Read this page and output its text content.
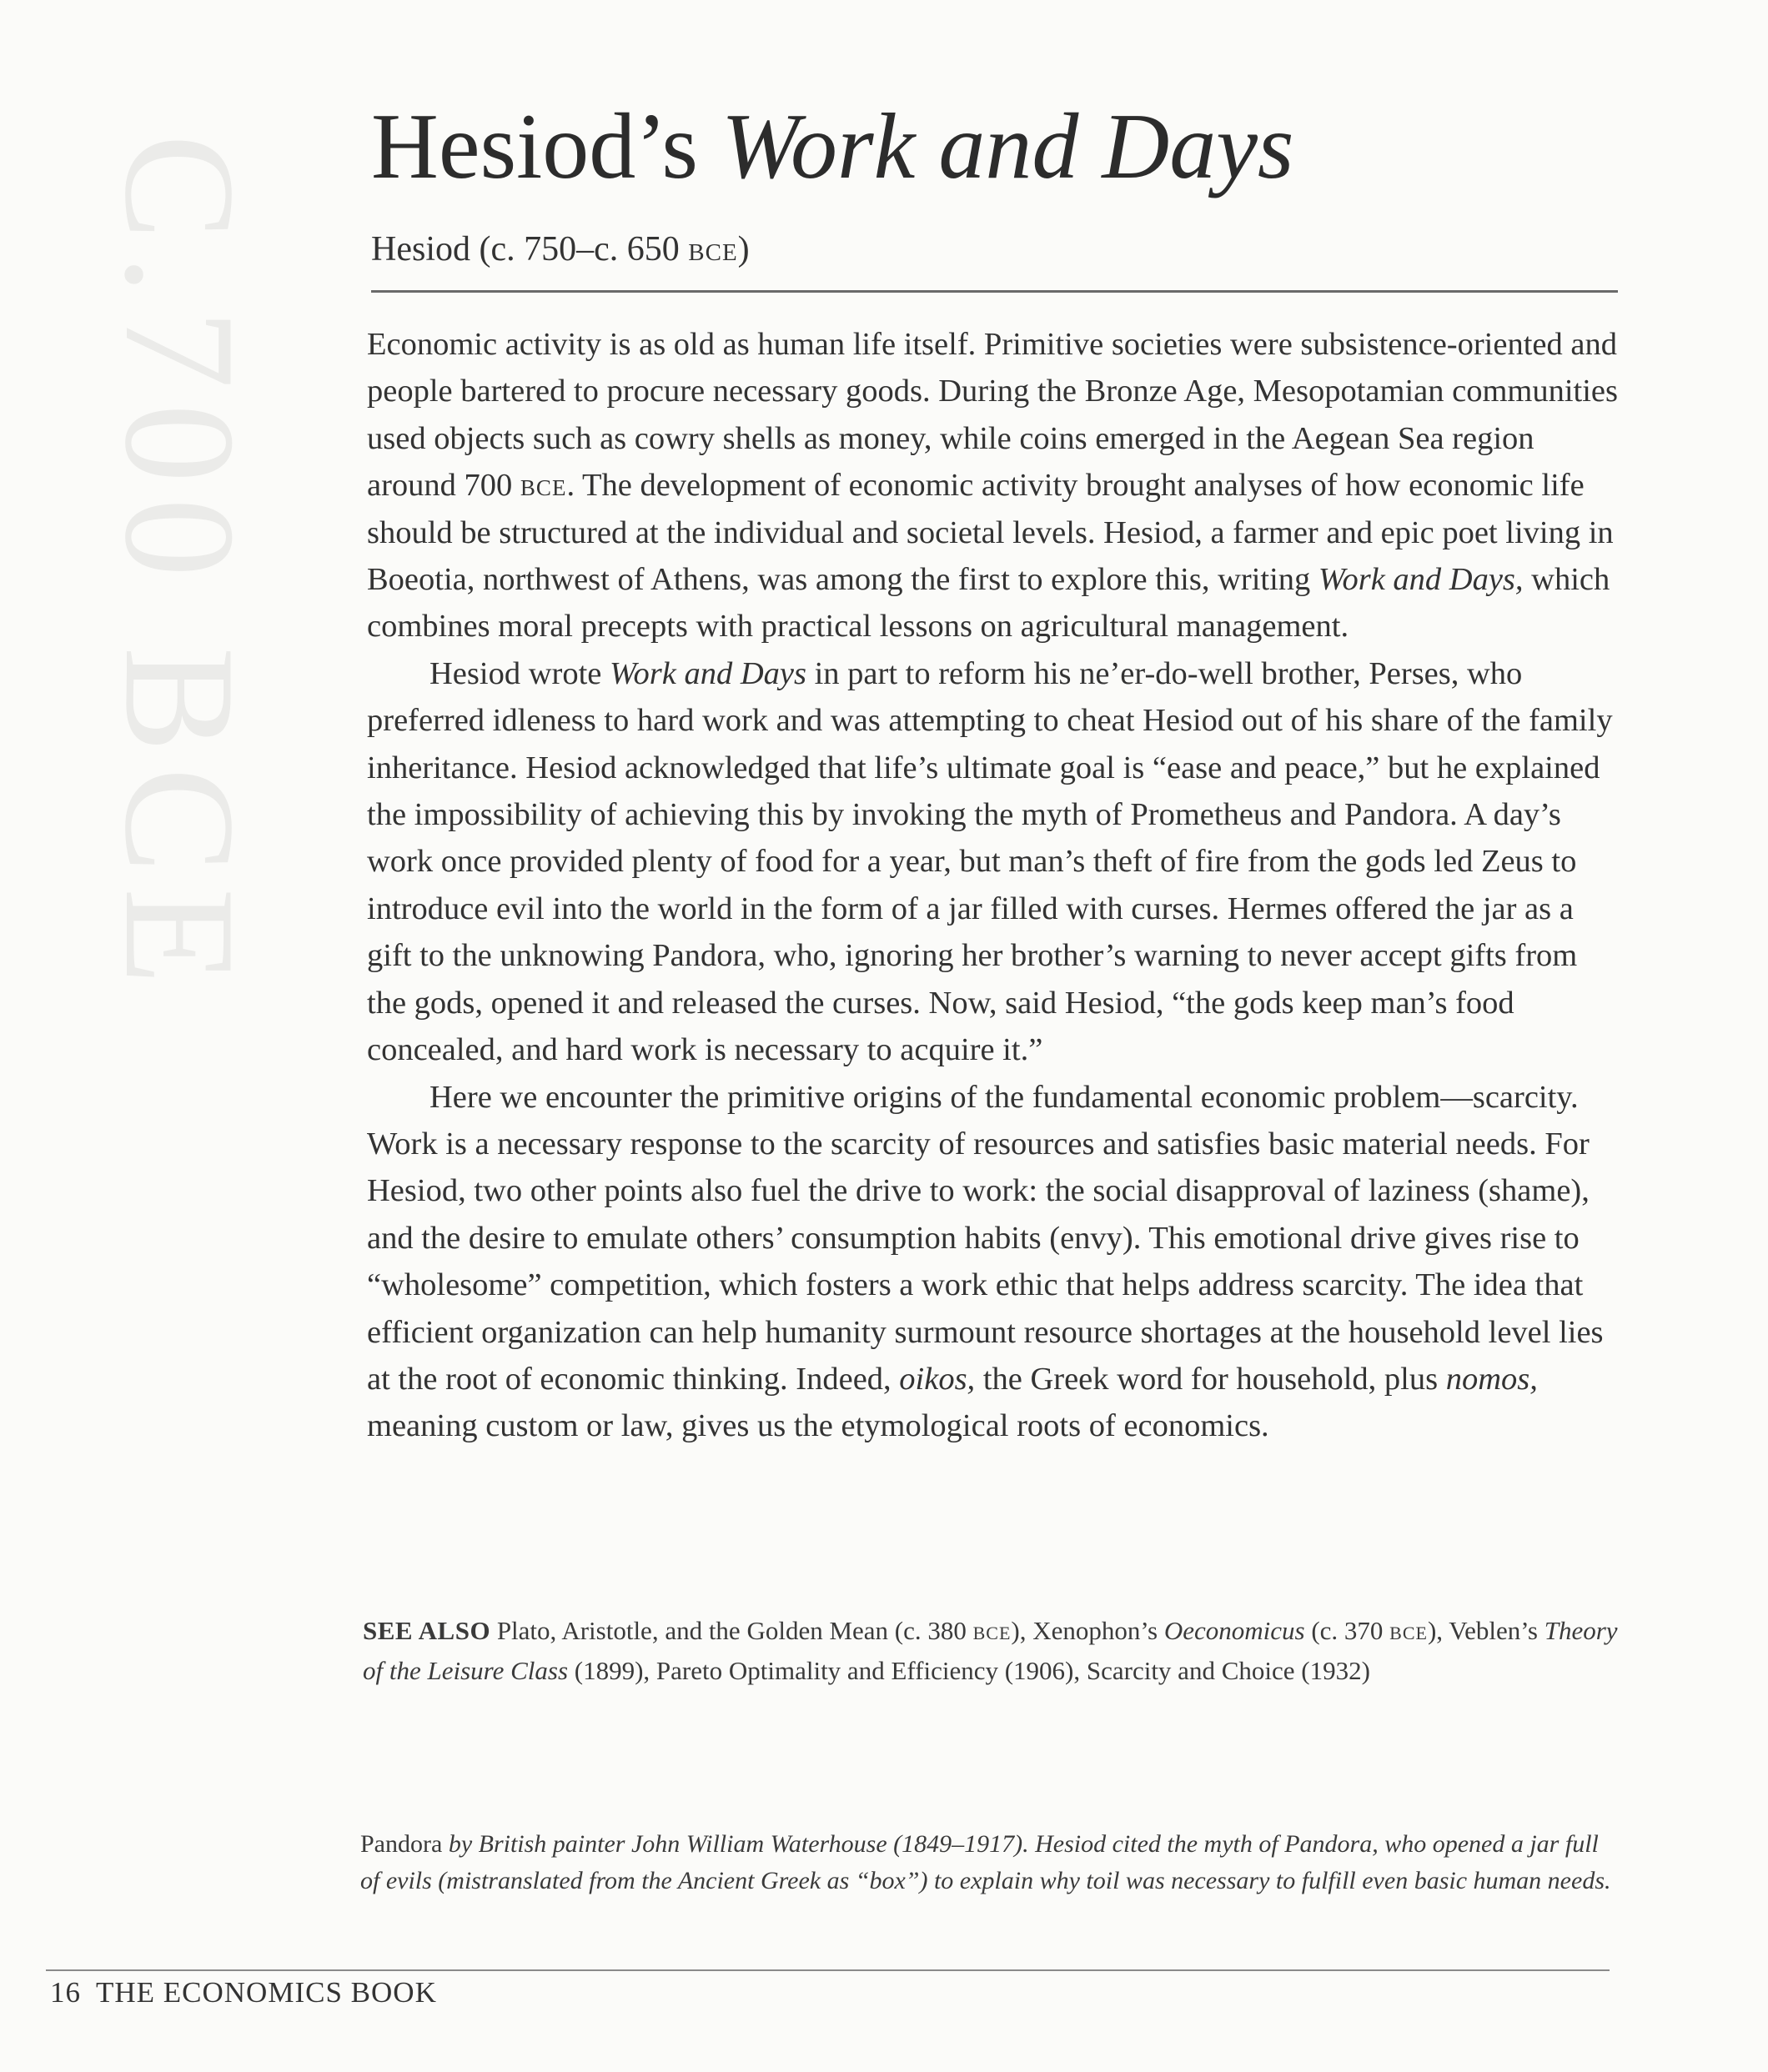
C.700 BCE Hesiod’s Work and Days
Hesiod (c. 750–c. 650 bce)

Economic activity is as old as human life itself. Primitive societies were subsistence-oriented and people bartered to procure necessary goods. During the Bronze Age, Mesopotamian communities used objects such as cowry shells as money, while coins emerged in the Aegean Sea region around 700 bce. The development of economic activity brought analyses of how economic life should be structured at the individual and societal levels. Hesiod, a farmer and epic poet living in Boeotia, northwest of Athens, was among the first to explore this, writing Work and Days, which combines moral precepts with practical lessons on agricultural management.

Hesiod wrote Work and Days in part to reform his ne’er-do-well brother, Perses, who preferred idleness to hard work and was attempting to cheat Hesiod out of his share of the family inheritance. Hesiod acknowledged that life’s ultimate goal is “ease and peace,” but he explained the impossibility of achieving this by invoking the myth of Prometheus and Pandora. A day’s work once provided plenty of food for a year, but man’s theft of fire from the gods led Zeus to introduce evil into the world in the form of a jar filled with curses. Hermes offered the jar as a gift to the unknowing Pandora, who, ignoring her brother’s warning to never accept gifts from the gods, opened it and released the curses. Now, said Hesiod, “the gods keep man’s food concealed, and hard work is necessary to acquire it.”

Here we encounter the primitive origins of the fundamental economic problem—scarcity. Work is a necessary response to the scarcity of resources and satisfies basic material needs. For Hesiod, two other points also fuel the drive to work: the social disapproval of laziness (shame), and the desire to emulate others’ consumption habits (envy). This emotional drive gives rise to “wholesome” competition, which fosters a work ethic that helps address scarcity. The idea that efficient organization can help humanity surmount resource shortages at the household level lies at the root of economic thinking. Indeed, oikos, the Greek word for household, plus nomos, meaning custom or law, gives us the etymological roots of economics.

SEE ALSO Plato, Aristotle, and the Golden Mean (c. 380 bce), Xenophon’s Oeconomicus (c. 370 bce), Veblen’s Theory of the Leisure Class (1899), Pareto Optimality and Efficiency (1906), Scarcity and Choice (1932)
Pandora by British painter John William Waterhouse (1849–1917). Hesiod cited the myth of Pandora, who opened a jar full of evils (mistranslated from the Ancient Greek as “box”) to explain why toil was necessary to fulfill even basic human needs.
16 THE ECONOMICS BOOK
